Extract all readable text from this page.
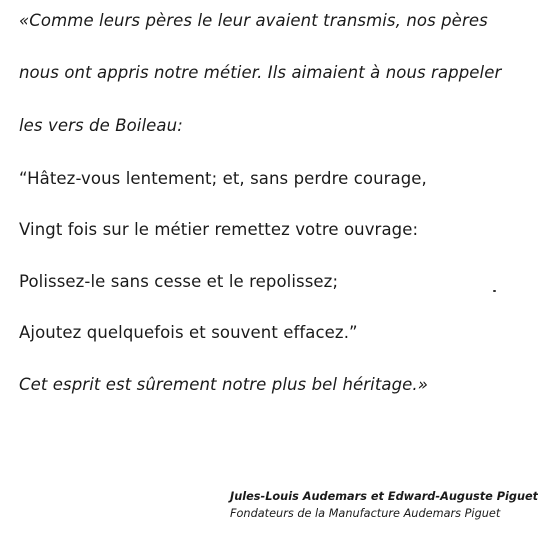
«Comme leurs pères le leur avaient transmis, nos pères
nous ont appris notre métier. Ils aimaient à nous rappeler
les vers de Boileau:
“Hâtez-vous lentement; et, sans perdre courage,
Vingt fois sur le métier remettez votre ouvrage:
Polissez-le sans cesse et le repolissez;
Ajoutez quelquefois et souvent effacez.”
Cet esprit est sûrement notre plus bel héritage.»
Jules-Louis Audemars et Edward-Auguste Piguet
Fondateurs de la Manufacture Audemars Piguet
